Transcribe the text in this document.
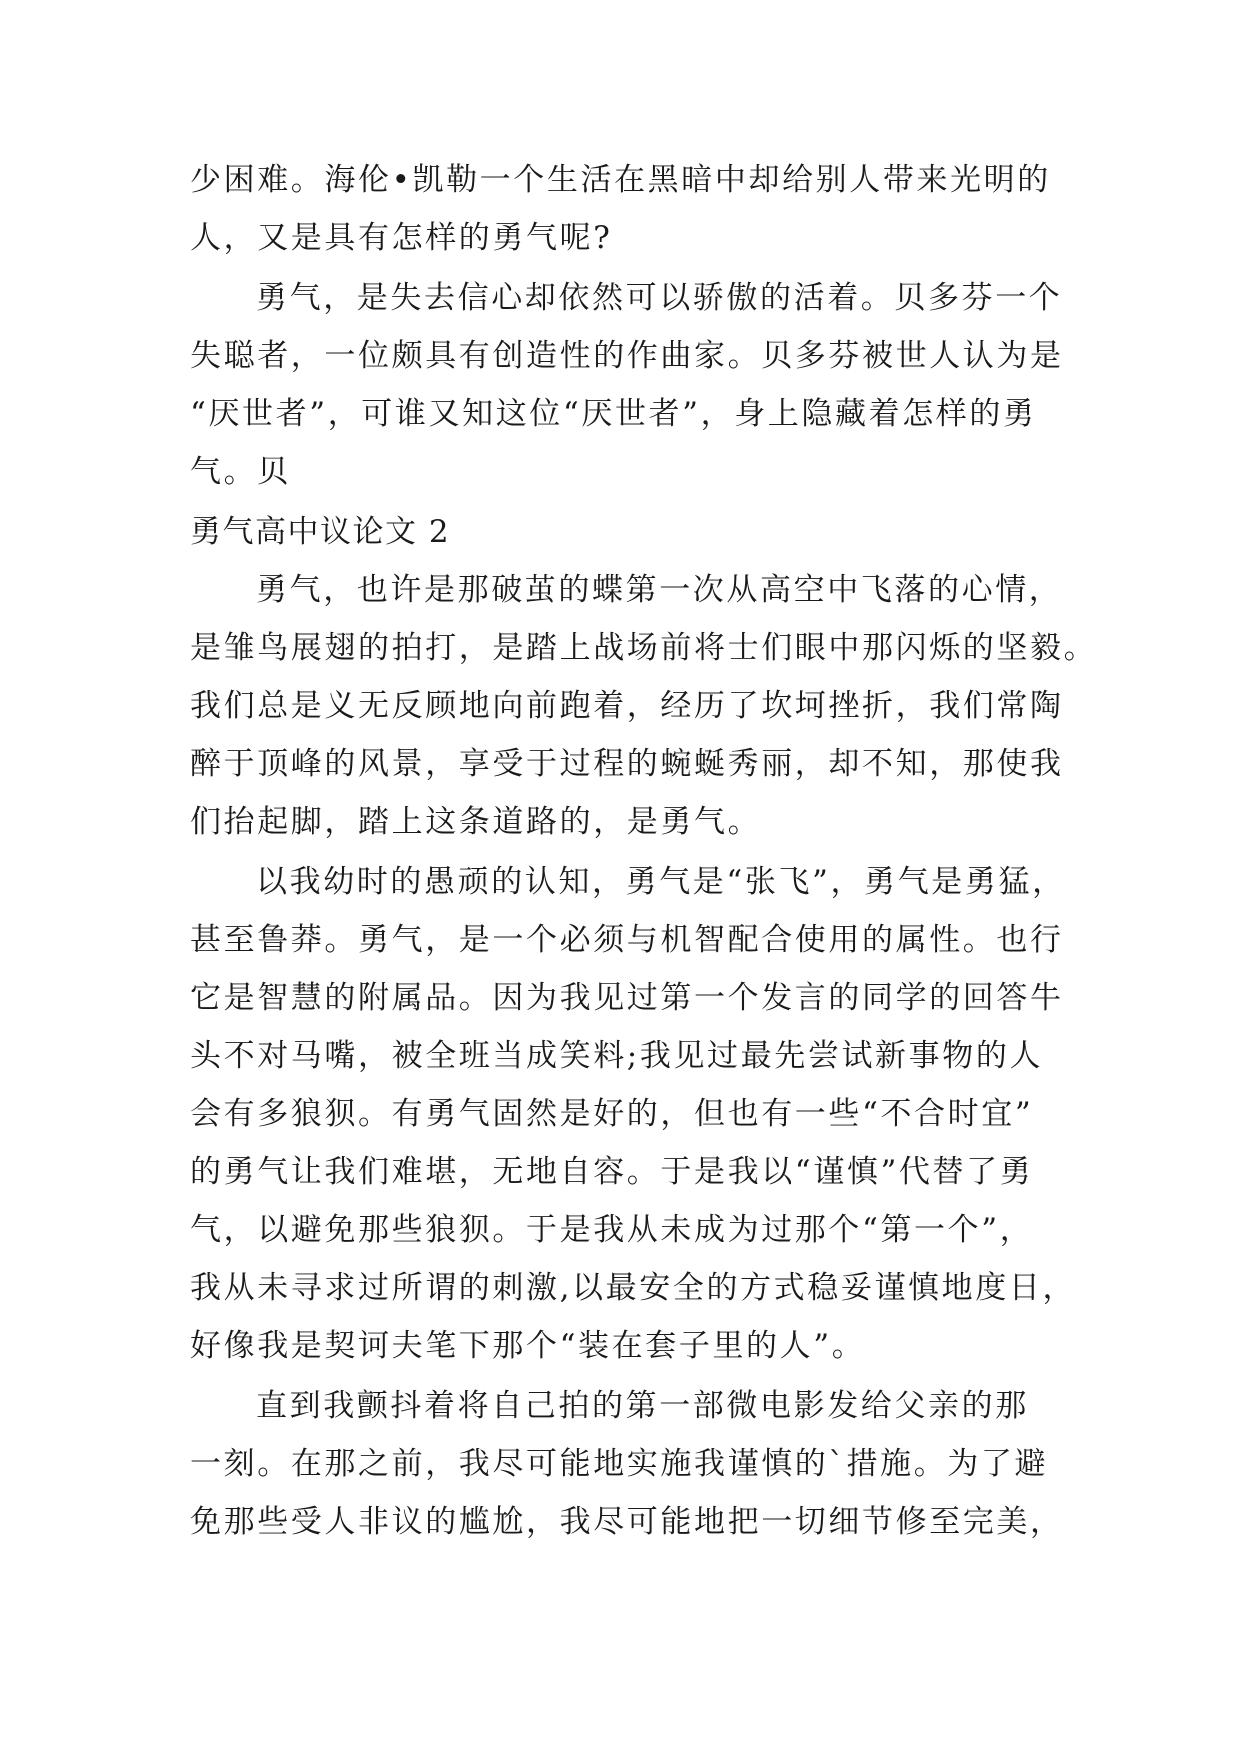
少困难。海伦•凯勒一个生活在黑暗中却给别人带来光明的

人，又是具有怎样的勇气呢?

勇气，是失去信心却依然可以骄傲的活着。贝多芬一个

失聪者，一位颇具有创造性的作曲家。贝多芬被世人认为是

“厌世者”，可谁又知这位“厌世者”，身上隐藏着怎样的勇

气。贝

勇气高中议论文 2

勇气，也许是那破茧的蝶第一次从高空中飞落的心情，

是雏鸟展翅的拍打，是踏上战场前将士们眼中那闪烁的坚毅。

我们总是义无反顾地向前跑着，经历了坎坷挫折，我们常陶

醉于顶峰的风景，享受于过程的蜿蜒秀丽，却不知，那使我

们抬起脚，踏上这条道路的，是勇气。

以我幼时的愚顽的认知，勇气是“张飞”，勇气是勇猛，

甚至鲁莽。勇气，是一个必须与机智配合使用的属性。也行

它是智慧的附属品。因为我见过第一个发言的同学的回答牛

头不对马嘴，被全班当成笑料;我见过最先尝试新事物的人

会有多狼狈。有勇气固然是好的，但也有一些“不合时宜”

的勇气让我们难堪，无地自容。于是我以“谨慎”代替了勇

气，以避免那些狼狈。于是我从未成为过那个“第一个”，

我从未寻求过所谓的刺激,以最安全的方式稳妥谨慎地度日，

好像我是契诃夫笔下那个“装在套子里的人”。

直到我颤抖着将自己拍的第一部微电影发给父亲的那

一刻。在那之前，我尽可能地实施我谨慎的`措施。为了避

免那些受人非议的尴尬，我尽可能地把一切细节修至完美，
